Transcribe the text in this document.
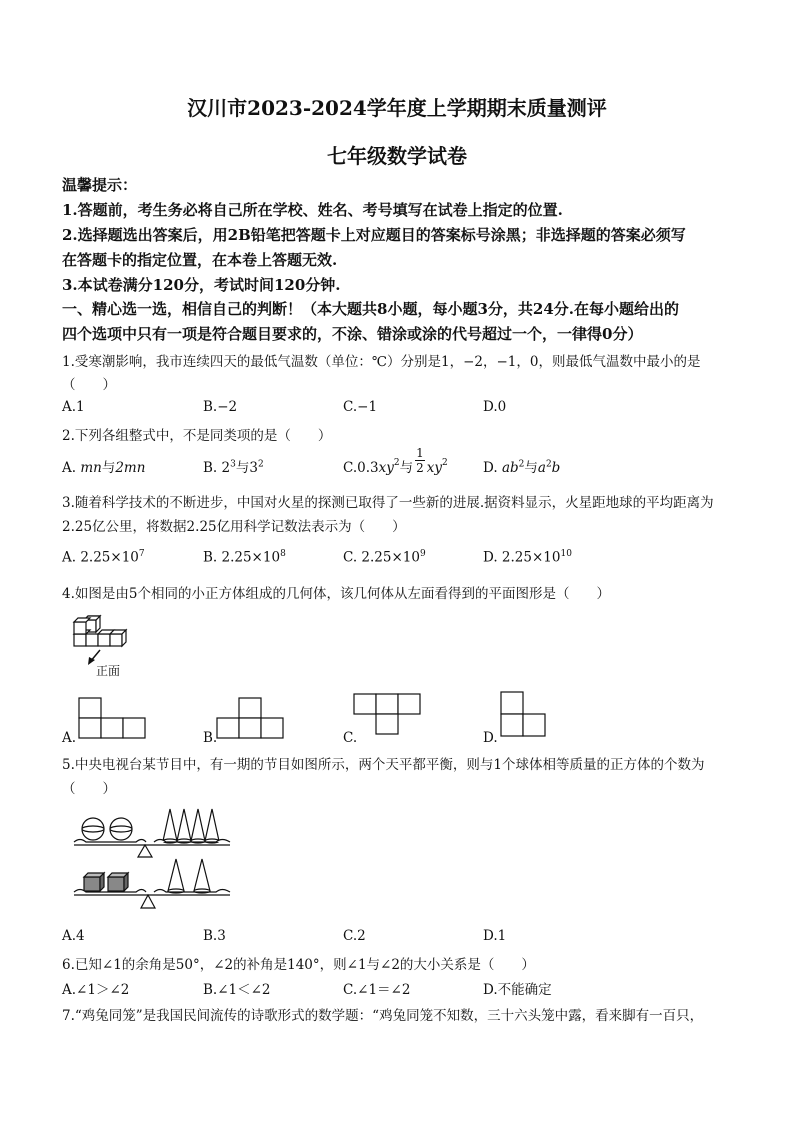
汉川市2023-2024学年度上学期期末质量测评
七年级数学试卷
温馨提示：
1.答题前，考生务必将自己所在学校、姓名、考号填写在试卷上指定的位置.
2.选择题选出答案后，用2B铅笔把答题卡上对应题目的答案标号涂黑；非选择题的答案必须写
在答题卡的指定位置，在本卷上答题无效.
3.本试卷满分120分，考试时间120分钟.
一、精心选一选，相信自己的判断！（本大题共8小题，每小题3分，共24分.在每小题给出的
四个选项中只有一项是符合题目要求的，不涂、错涂或涂的代号超过一个，一律得0分）
1.受寒潮影响，我市连续四天的最低气温数（单位：℃）分别是1，−2，−1，0，则最低气温数中最小的是
（　　）
A.1	B.−2	C.−1	D.0
2.下列各组整式中，不是同类项的是（　　）
A. mn与2mn	B. $2^3$与$3^2$	$C.0.3xy^2$与 $\frac{1}{2} xy^2$	D. $ab^2$与$a^2b$
3.随着科学技术的不断进步，中国对火星的探测已取得了一些新的进展.据资料显示，火星距地球的平均距离为
2.25亿公里，将数据2.25亿用科学记数法表示为（　　）
A. $2.25\times 10^7$	B. $2.25\times 10^8$	C. $2.25\times 10^9$	D. $2.25\times 10^{10}$
4.如图是由5个相同的小正方体组成的几何体，该几何体从左面看得到的平面图形是（　　）
正面
A.	B.	C.	D.
5.中央电视台某节目中，有一期的节目如图所示，两个天平都平衡，则与1个球体相等质量的正方体的个数为
（　　）
A.4	B.3	C.2	D.1
6.已知∠1的余角是50°，∠2的补角是140°，则∠1与∠2的大小关系是（　　）
A.∠1＞∠2	B.∠1＜∠2	C.∠1＝∠2	D.不能确定
7.“鸡兔同笼”是我国民间流传的诗歌形式的数学题：“鸡兔同笼不知数，三十六头笼中露，看来脚有一百只，
